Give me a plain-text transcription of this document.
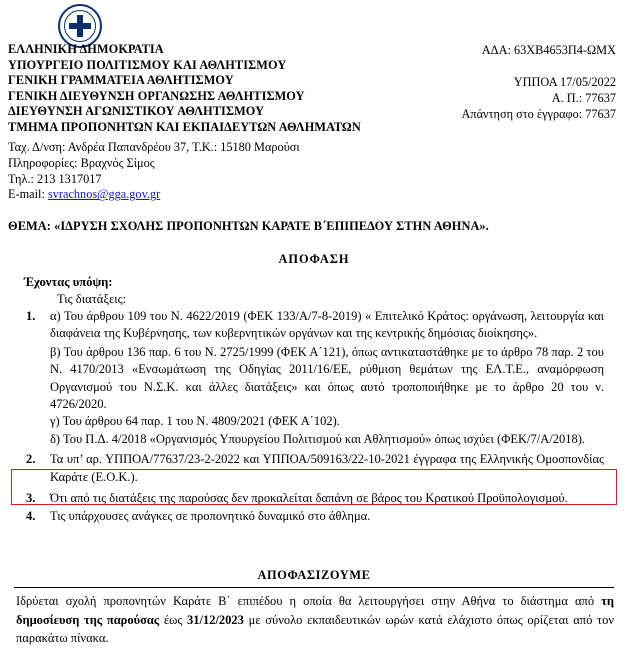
ΕΛΛΗΝΙΚΗ ΔΗΜΟΚΡΑΤΙΑ
ΥΠΟΥΡΓΕΙΟ ΠΟΛΙΤΙΣΜΟΥ ΚΑΙ ΑΘΛΗΤΙΣΜΟΥ
ΓΕΝΙΚΗ ΓΡΑΜΜΑΤΕΙΑ ΑΘΛΗΤΙΣΜΟΥ
ΓΕΝΙΚΗ ΔΙΕΥΘΥΝΣΗ ΟΡΓΑΝΩΣΗΣ ΑΘΛΗΤΙΣΜΟΥ
ΔΙΕΥΘΥΝΣΗ ΑΓΩΝΙΣΤΙΚΟΥ ΑΘΛΗΤΙΣΜΟΥ
ΤΜΗΜΑ ΠΡΟΠΟΝΗΤΩΝ ΚΑΙ ΕΚΠΑΙΔΕΥΤΩΝ ΑΘΛΗΜΑΤΩΝ
Ταχ. Δ/νση: Ανδρέα Παπανδρέου 37, Τ.Κ.: 15180 Μαρούσι
Πληροφορίες: Βραχνός Σίμος
Τηλ.: 213 1317017
E-mail: svrachnos@gga.gov.gr
ΑΔΑ: 63ΧΒ4653Π4-ΩΜΧ
ΥΠΠΟΑ 17/05/2022
Α. Π.: 77637
Απάντηση στο έγγραφο: 77637
ΘΕΜΑ: «ΙΔΡΥΣΗ ΣΧΟΛΗΣ ΠΡΟΠΟΝΗΤΩΝ ΚΑΡΑΤΕ Β΄ΕΠΙΠΕΔΟΥ ΣΤΗΝ ΑΘΗΝΑ».
ΑΠΟΦΑΣΗ
Έχοντας υπόψη:
Τις διατάξεις:
1.	α) Του άρθρου 109 του Ν. 4622/2019 (ΦΕΚ 133/Α/7-8-2019) « Επιτελικό Κράτος: οργάνωση, λειτουργία και διαφάνεια της Κυβέρνησης, των κυβερνητικών οργάνων και της κεντρικής δημόσιας διοίκησης».
β) Του άρθρου 136 παρ. 6 του Ν. 2725/1999 (ΦΕΚ Α΄121), όπως αντικαταστάθηκε με το άρθρο 78 παρ. 2 του Ν. 4170/2013 «Ενσωμάτωση της Οδηγίας 2011/16/ΕΕ, ρύθμιση θεμάτων της ΕΛ.Τ.Ε., αναμόρφωση Οργανισμού του Ν.Σ.Κ. και άλλες διατάξεις» και όπως αυτό τροποποιήθηκε με το άρθρο 20 του ν. 4726/2020.
γ) Του άρθρου 64 παρ. 1 του Ν. 4809/2021 (ΦΕΚ Α΄102).
δ) Του Π.Δ. 4/2018 «Οργανισμός Υπουργείου Πολιτισμού και Αθλητισμού» όπως ισχύει (ΦΕΚ/7/Α/2018).
2.	Τα υπ’ αρ. ΥΠΠΟΑ/77637/23-2-2022 και ΥΠΠΟΑ/509163/22-10-2021 έγγραφα της Ελληνικής Ομοσπονδίας Καράτε (Ε.Ο.Κ.).
3.	Ότι από τις διατάξεις της παρούσας δεν προκαλείται δαπάνη σε βάρος του Κρατικού Προϋπολογισμού.
4.	Τις υπάρχουσες ανάγκες σε προπονητικό δυναμικό στο άθλημα.
ΑΠΟΦΑΣΙΖΟΥΜΕ
Ιδρύεται σχολή προπονητών Καράτε Β΄ επιπέδου η οποία θα λειτουργήσει στην Αθήνα το διάστημα από τη δημοσίευση της παρούσας έως 31/12/2023 με σύνολο εκπαιδευτικών ωρών κατά ελάχιστο όπως ορίζεται από τον παρακάτω πίνακα.
